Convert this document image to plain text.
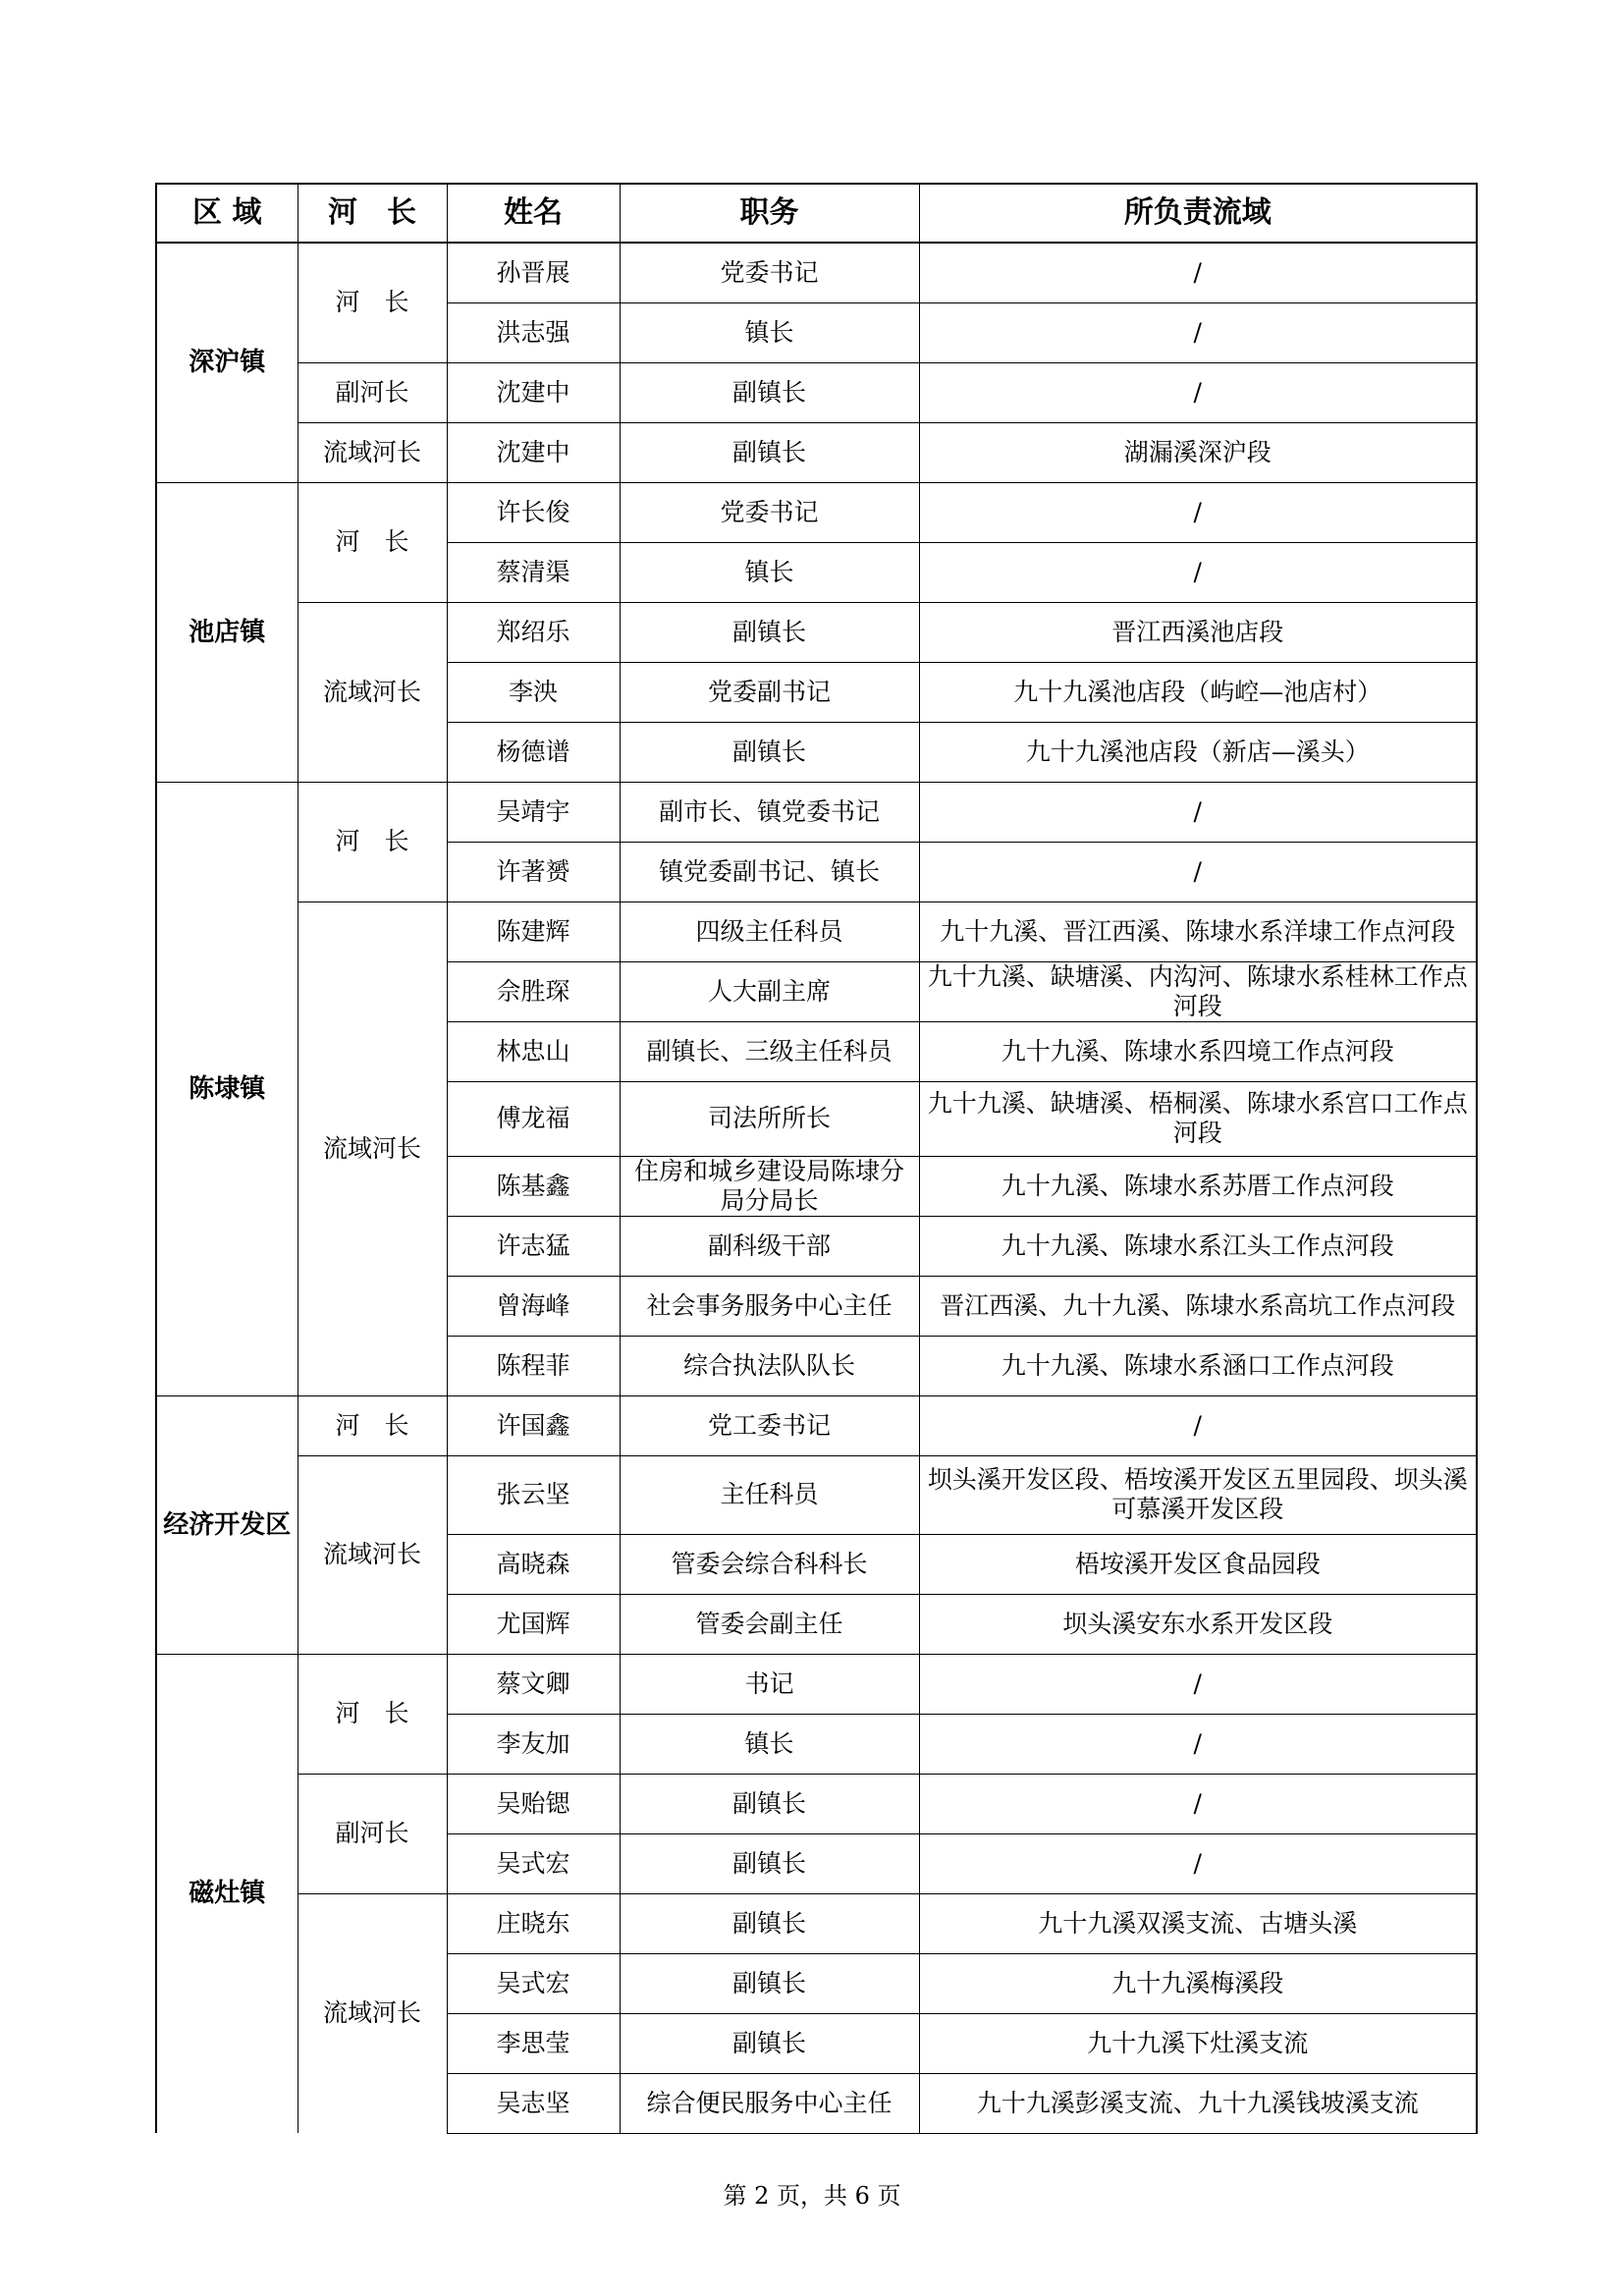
区 域	河　长	姓名	职务	所负责流域
深沪镇	河　长	孙晋展	党委书记	/
		洪志强	镇长	/
	副河长	沈建中	副镇长	/
	流域河长	沈建中	副镇长	湖漏溪深沪段
池店镇	河　长	许长俊	党委书记	/
		蔡清渠	镇长	/
	流域河长	郑绍乐	副镇长	晋江西溪池店段
		李泱	党委副书记	九十九溪池店段（屿崆—池店村）
		杨德谱	副镇长	九十九溪池店段（新店—溪头）
陈埭镇	河　长	吴靖宇	副市长、镇党委书记	/
		许著赟	镇党委副书记、镇长	/
	流域河长	陈建辉	四级主任科员	九十九溪、晋江西溪、陈埭水系洋埭工作点河段
		佘胜琛	人大副主席	九十九溪、缺塘溪、内沟河、陈埭水系桂林工作点河段
		林忠山	副镇长、三级主任科员	九十九溪、陈埭水系四境工作点河段
		傅龙福	司法所所长	九十九溪、缺塘溪、梧桐溪、陈埭水系宫口工作点河段
		陈基鑫	住房和城乡建设局陈埭分局分局长	九十九溪、陈埭水系苏厝工作点河段
		许志猛	副科级干部	九十九溪、陈埭水系江头工作点河段
		曾海峰	社会事务服务中心主任	晋江西溪、九十九溪、陈埭水系高坑工作点河段
		陈程菲	综合执法队队长	九十九溪、陈埭水系涵口工作点河段
经济开发区	河　长	许国鑫	党工委书记	/
	流域河长	张云坚	主任科员	坝头溪开发区段、梧垵溪开发区五里园段、坝头溪可慕溪开发区段
		高晓森	管委会综合科科长	梧垵溪开发区食品园段
		尤国辉	管委会副主任	坝头溪安东水系开发区段
磁灶镇	河　长	蔡文卿	书记	/
		李友加	镇长	/
	副河长	吴贻锶	副镇长	/
		吴式宏	副镇长	/
	流域河长	庄晓东	副镇长	九十九溪双溪支流、古塘头溪
		吴式宏	副镇长	九十九溪梅溪段
		李思莹	副镇长	九十九溪下灶溪支流
		吴志坚	综合便民服务中心主任	九十九溪彭溪支流、九十九溪钱坡溪支流
第 2 页，共 6 页
